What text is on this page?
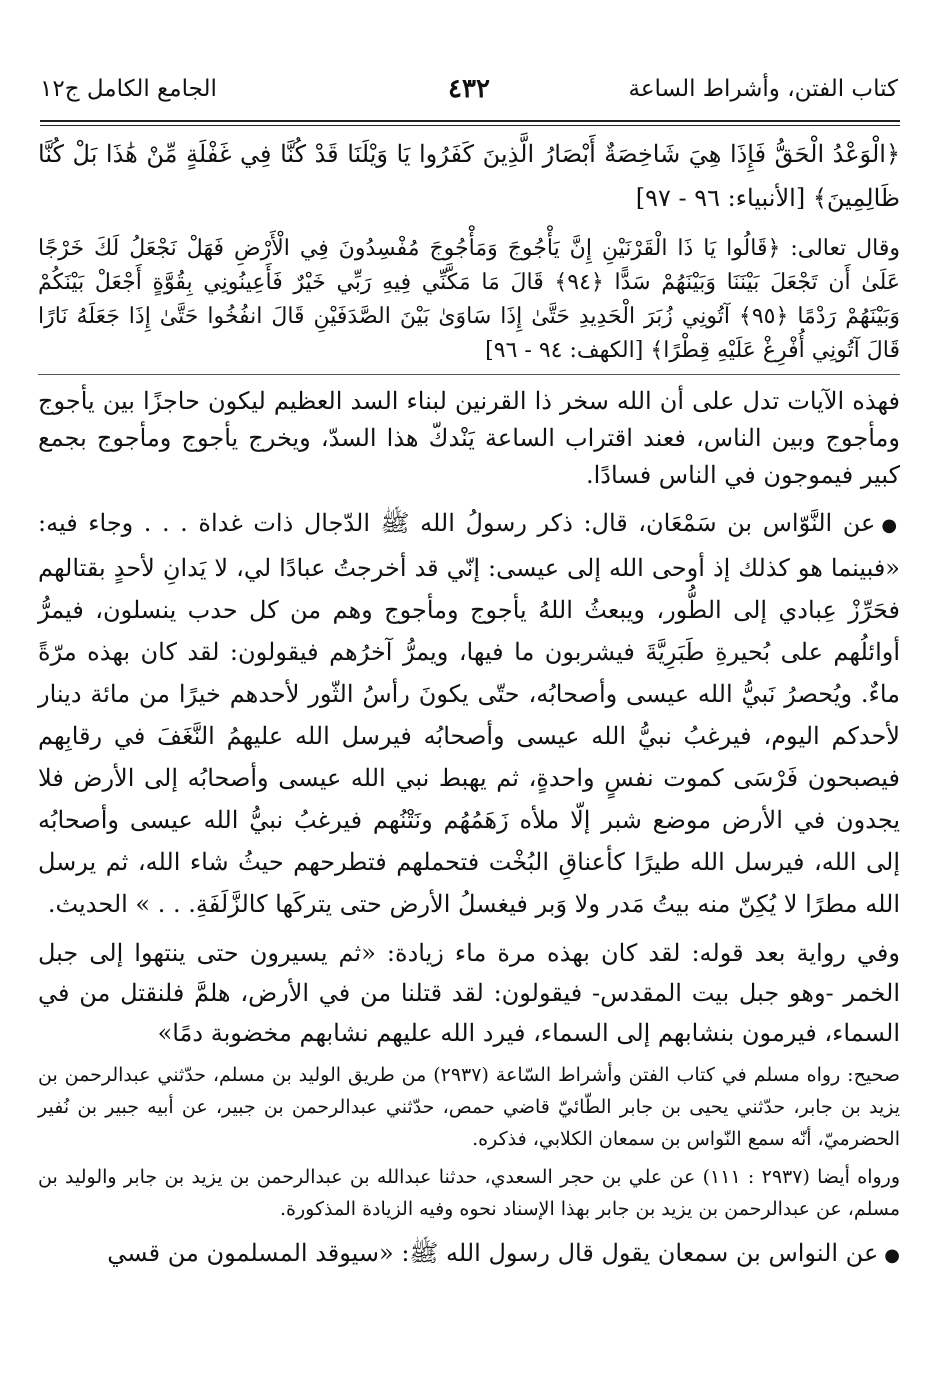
كتاب الفتن، وأشراط الساعة
٤٣٢
الجامع الكامل ج١٢

﴿الْوَعْدُ الْحَقُّ فَإِذَا هِيَ شَاخِصَةٌ أَبْصَارُ الَّذِينَ كَفَرُوا يَا وَيْلَنَا قَدْ كُنَّا فِي غَفْلَةٍ مِّنْ هَٰذَا بَلْ كُنَّا ظَالِمِينَ﴾ [الأنبياء: ٩٦ - ٩٧]

وقال تعالى: ﴿قَالُوا يَا ذَا الْقَرْنَيْنِ إِنَّ يَأْجُوجَ وَمَأْجُوجَ مُفْسِدُونَ فِي الْأَرْضِ فَهَلْ نَجْعَلُ لَكَ خَرْجًا عَلَىٰ أَن تَجْعَلَ بَيْنَنَا وَبَيْنَهُمْ سَدًّا ﴿٩٤﴾ قَالَ مَا مَكَّنِّي فِيهِ رَبِّي خَيْرٌ فَأَعِينُونِي بِقُوَّةٍ أَجْعَلْ بَيْنَكُمْ وَبَيْنَهُمْ رَدْمًا ﴿٩٥﴾ آتُونِي زُبَرَ الْحَدِيدِ حَتَّىٰ إِذَا سَاوَىٰ بَيْنَ الصَّدَفَيْنِ قَالَ انفُخُوا حَتَّىٰ إِذَا جَعَلَهُ نَارًا قَالَ آتُونِي أُفْرِغْ عَلَيْهِ قِطْرًا﴾ [الكهف: ٩٤ - ٩٦]

فهذه الآيات تدل على أن الله سخر ذا القرنين لبناء السد العظيم ليكون حاجزًا بين يأجوج ومأجوج وبين الناس، فعند اقتراب الساعة يَنْدكّ هذا السدّ، ويخرج يأجوج ومأجوج بجمع كبير فيموجون في الناس فسادًا.

●عن النَّوّاس بن سَمْعَان، قال: ذكر رسولُ الله ﷺ الدّجال ذات غداة . . . وجاء فيه: «فبينما هو كذلك إذ أوحى الله إلى عيسى: إنّي قد أخرجتُ عبادًا لي، لا يَدانِ لأحدٍ بقتالهم فحَرِّزْ عِبادي إلى الطُّور، ويبعثُ اللهُ يأجوج ومأجوج وهم من كل حدب ينسلون، فيمرُّ أوائلُهم على بُحيرةِ طَبَرِيَّةَ فيشربون ما فيها، ويمرُّ آخرُهم فيقولون: لقد كان بهذه مرّةً ماءٌ. ويُحصرُ نَبيُّ الله عيسى وأصحابُه، حتّى يكونَ رأسُ الثّور لأحدهم خيرًا من مائة دينار لأحدكم اليوم، فيرغبُ نبيُّ الله عيسى وأصحابُه فيرسل الله عليهمُ النَّغَفَ في رقابِهم فيصبحون فَرْسَى كموت نفسٍ واحدةٍ، ثم يهبط نبي الله عيسى وأصحابُه إلى الأرض فلا يجدون في الأرض موضع شبر إلّا ملأه زَهَمُهُم ونَتْنُهم فيرغبُ نبيُّ الله عيسى وأصحابُه إلى الله، فيرسل الله طيرًا كأعناقِ البُخْت فتحملهم فتطرحهم حيثُ شاء الله، ثم يرسل الله مطرًا لا يُكِنّ منه بيتُ مَدر ولا وَبر فيغسلُ الأرض حتى يتركَها كالزَّلَفَةِ. . . » الحديث.

وفي رواية بعد قوله: لقد كان بهذه مرة ماء زيادة: «ثم يسيرون حتى ينتهوا إلى جبل الخمر -وهو جبل بيت المقدس- فيقولون: لقد قتلنا من في الأرض، هلمَّ فلنقتل من في السماء، فيرمون بنشابهم إلى السماء، فيرد الله عليهم نشابهم مخضوبة دمًا»

صحيح: رواه مسلم في كتاب الفتن وأشراط السّاعة (٢٩٣٧) من طريق الوليد بن مسلم، حدّثني عبدالرحمن بن يزيد بن جابر، حدّثني يحيى بن جابر الطّائيّ قاضي حمص، حدّثني عبدالرحمن بن جبير، عن أبيه جبير بن نُفير الحضرميّ، أنّه سمع النّواس بن سمعان الكلابي، فذكره.

ورواه أيضا (٢٩٣٧ : ١١١) عن علي بن حجر السعدي، حدثنا عبدالله بن عبدالرحمن بن يزيد بن جابر والوليد بن مسلم، عن عبدالرحمن بن يزيد بن جابر بهذا الإسناد نحوه وفيه الزيادة المذكورة.

●عن النواس بن سمعان يقول قال رسول الله ﷺ: «سيوقد المسلمون من قسي
